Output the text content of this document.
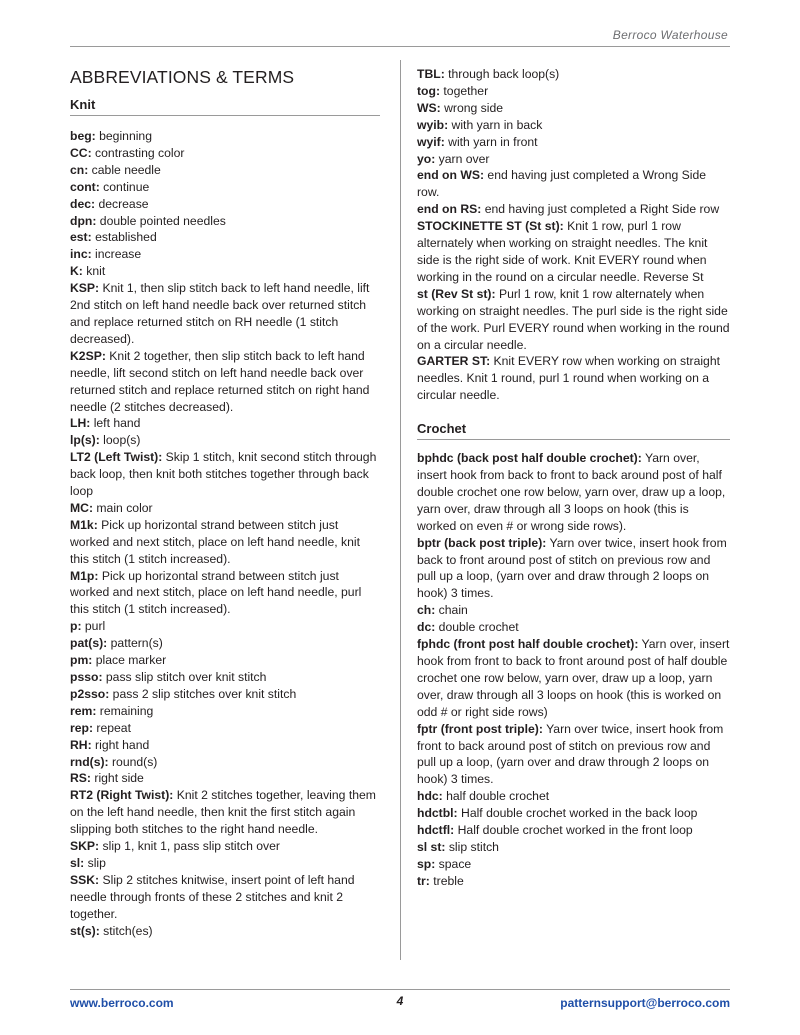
Berroco Waterhouse
ABBREVIATIONS & TERMS
Knit
beg: beginning
CC: contrasting color
cn: cable needle
cont: continue
dec: decrease
dpn: double pointed needles
est: established
inc: increase
K: knit
KSP: Knit 1, then slip stitch back to left hand needle, lift 2nd stitch on left hand needle back over returned stitch and replace returned stitch on RH needle (1 stitch decreased).
K2SP: Knit 2 together, then slip stitch back to left hand needle, lift second stitch on left hand needle back over returned stitch and replace returned stitch on right hand needle (2 stitches decreased).
LH: left hand
lp(s): loop(s)
LT2 (Left Twist): Skip 1 stitch, knit second stitch through back loop, then knit both stitches together through back loop
MC: main color
M1k: Pick up horizontal strand between stitch just worked and next stitch, place on left hand needle, knit this stitch (1 stitch increased).
M1p: Pick up horizontal strand between stitch just worked and next stitch, place on left hand needle, purl this stitch (1 stitch increased).
p: purl
pat(s): pattern(s)
pm: place marker
psso: pass slip stitch over knit stitch
p2sso: pass 2 slip stitches over knit stitch
rem: remaining
rep: repeat
RH: right hand
rnd(s): round(s)
RS: right side
RT2 (Right Twist): Knit 2 stitches together, leaving them on the left hand needle, then knit the first stitch again slipping both stitches to the right hand needle.
SKP: slip 1, knit 1, pass slip stitch over
sl: slip
SSK: Slip 2 stitches knitwise, insert point of left hand needle through fronts of these 2 stitches and knit 2 together.
st(s): stitch(es)
TBL: through back loop(s)
tog: together
WS: wrong side
wyib: with yarn in back
wyif: with yarn in front
yo: yarn over
end on WS: end having just completed a Wrong Side row.
end on RS: end having just completed a Right Side row
STOCKINETTE ST (St st): Knit 1 row, purl 1 row alternately when working on straight needles. The knit side is the right side of work. Knit EVERY round when working in the round on a circular needle. Reverse St
st (Rev St st): Purl 1 row, knit 1 row alternately when working on straight needles. The purl side is the right side of the work. Purl EVERY round when working in the round on a circular needle.
GARTER ST: Knit EVERY row when working on straight needles. Knit 1 round, purl 1 round when working on a circular needle.
Crochet
bphdc (back post half double crochet): Yarn over, insert hook from back to front to back around post of half double crochet one row below, yarn over, draw up a loop, yarn over, draw through all 3 loops on hook (this is worked on even # or wrong side rows).
bptr (back post triple): Yarn over twice, insert hook from back to front around post of stitch on previous row and pull up a loop, (yarn over and draw through 2 loops on hook) 3 times.
ch: chain
dc: double crochet
fphdc (front post half double crochet): Yarn over, insert hook from front to back to front around post of half double crochet one row below, yarn over, draw up a loop, yarn over, draw through all 3 loops on hook (this is worked on odd # or right side rows)
fptr (front post triple): Yarn over twice, insert hook from front to back around post of stitch on previous row and pull up a loop, (yarn over and draw through 2 loops on hook) 3 times.
hdc: half double crochet
hdctbl: Half double crochet worked in the back loop
hdctfl: Half double crochet worked in the front loop
sl st: slip stitch
sp: space
tr: treble
www.berroco.com	4	patternsupport@berroco.com
